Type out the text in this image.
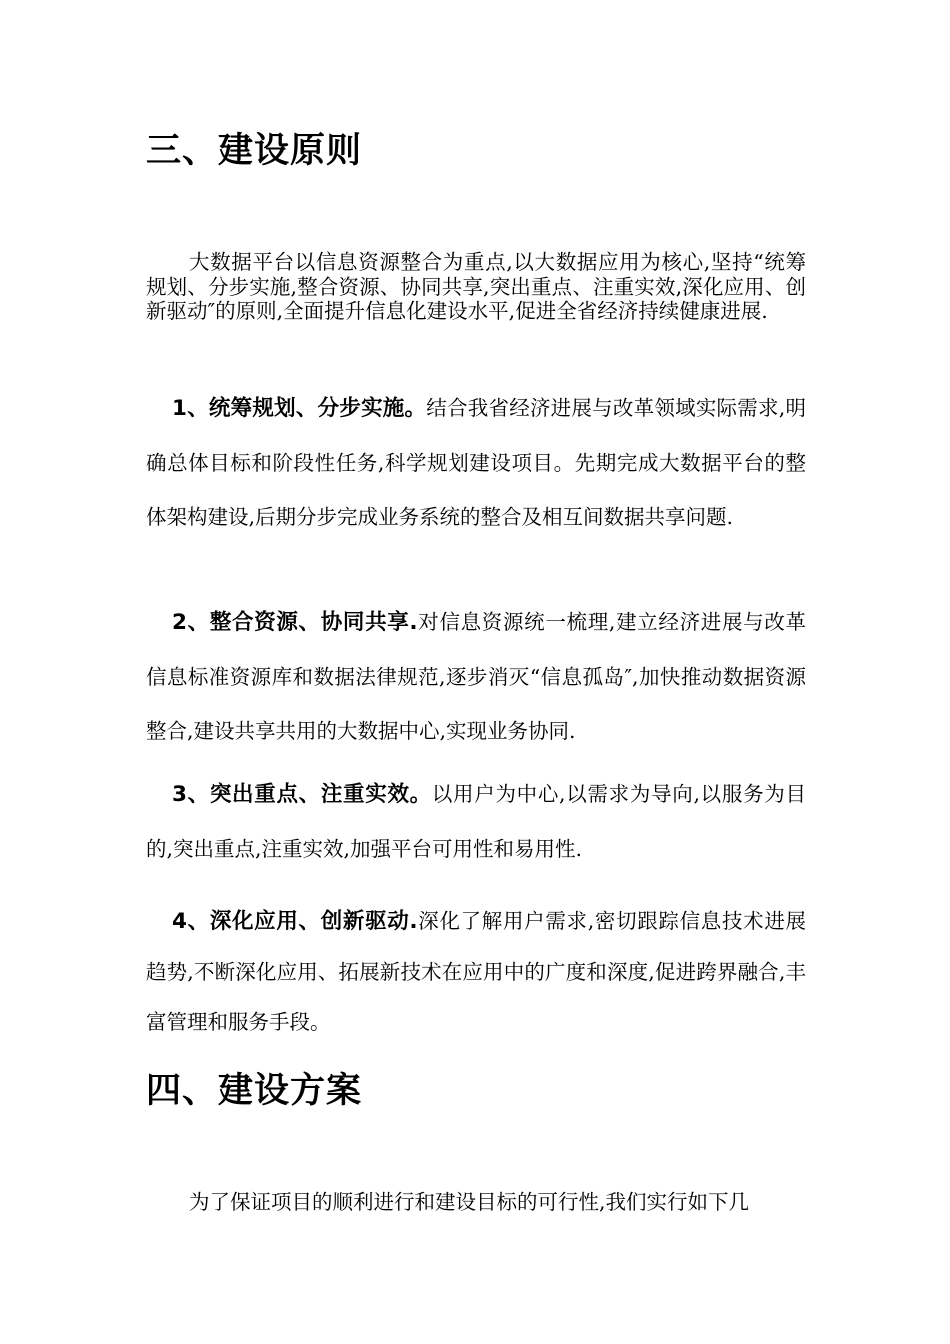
三、建设原则

大数据平台以信息资源整合为重点,以大数据应用为核心,坚持“统筹规划、分步实施,整合资源、协同共享,突出重点、注重实效,深化应用、创新驱动″的原则,全面提升信息化建设水平,促进全省经济持续健康进展.

1、统筹规划、分步实施。结合我省经济进展与改革领域实际需求,明确总体目标和阶段性任务,科学规划建设项目。先期完成大数据平台的整体架构建设,后期分步完成业务系统的整合及相互间数据共享问题.

2、整合资源、协同共享.对信息资源统一梳理,建立经济进展与改革信息标准资源库和数据法律规范,逐步消灭“信息孤岛″,加快推动数据资源整合,建设共享共用的大数据中心,实现业务协同.

3、突出重点、注重实效。以用户为中心,以需求为导向,以服务为目的,突出重点,注重实效,加强平台可用性和易用性.

4、深化应用、创新驱动.深化了解用户需求,密切跟踪信息技术进展趋势,不断深化应用、拓展新技术在应用中的广度和深度,促进跨界融合,丰富管理和服务手段。

四、建设方案

为了保证项目的顺利进行和建设目标的可行性,我们实行如下几
